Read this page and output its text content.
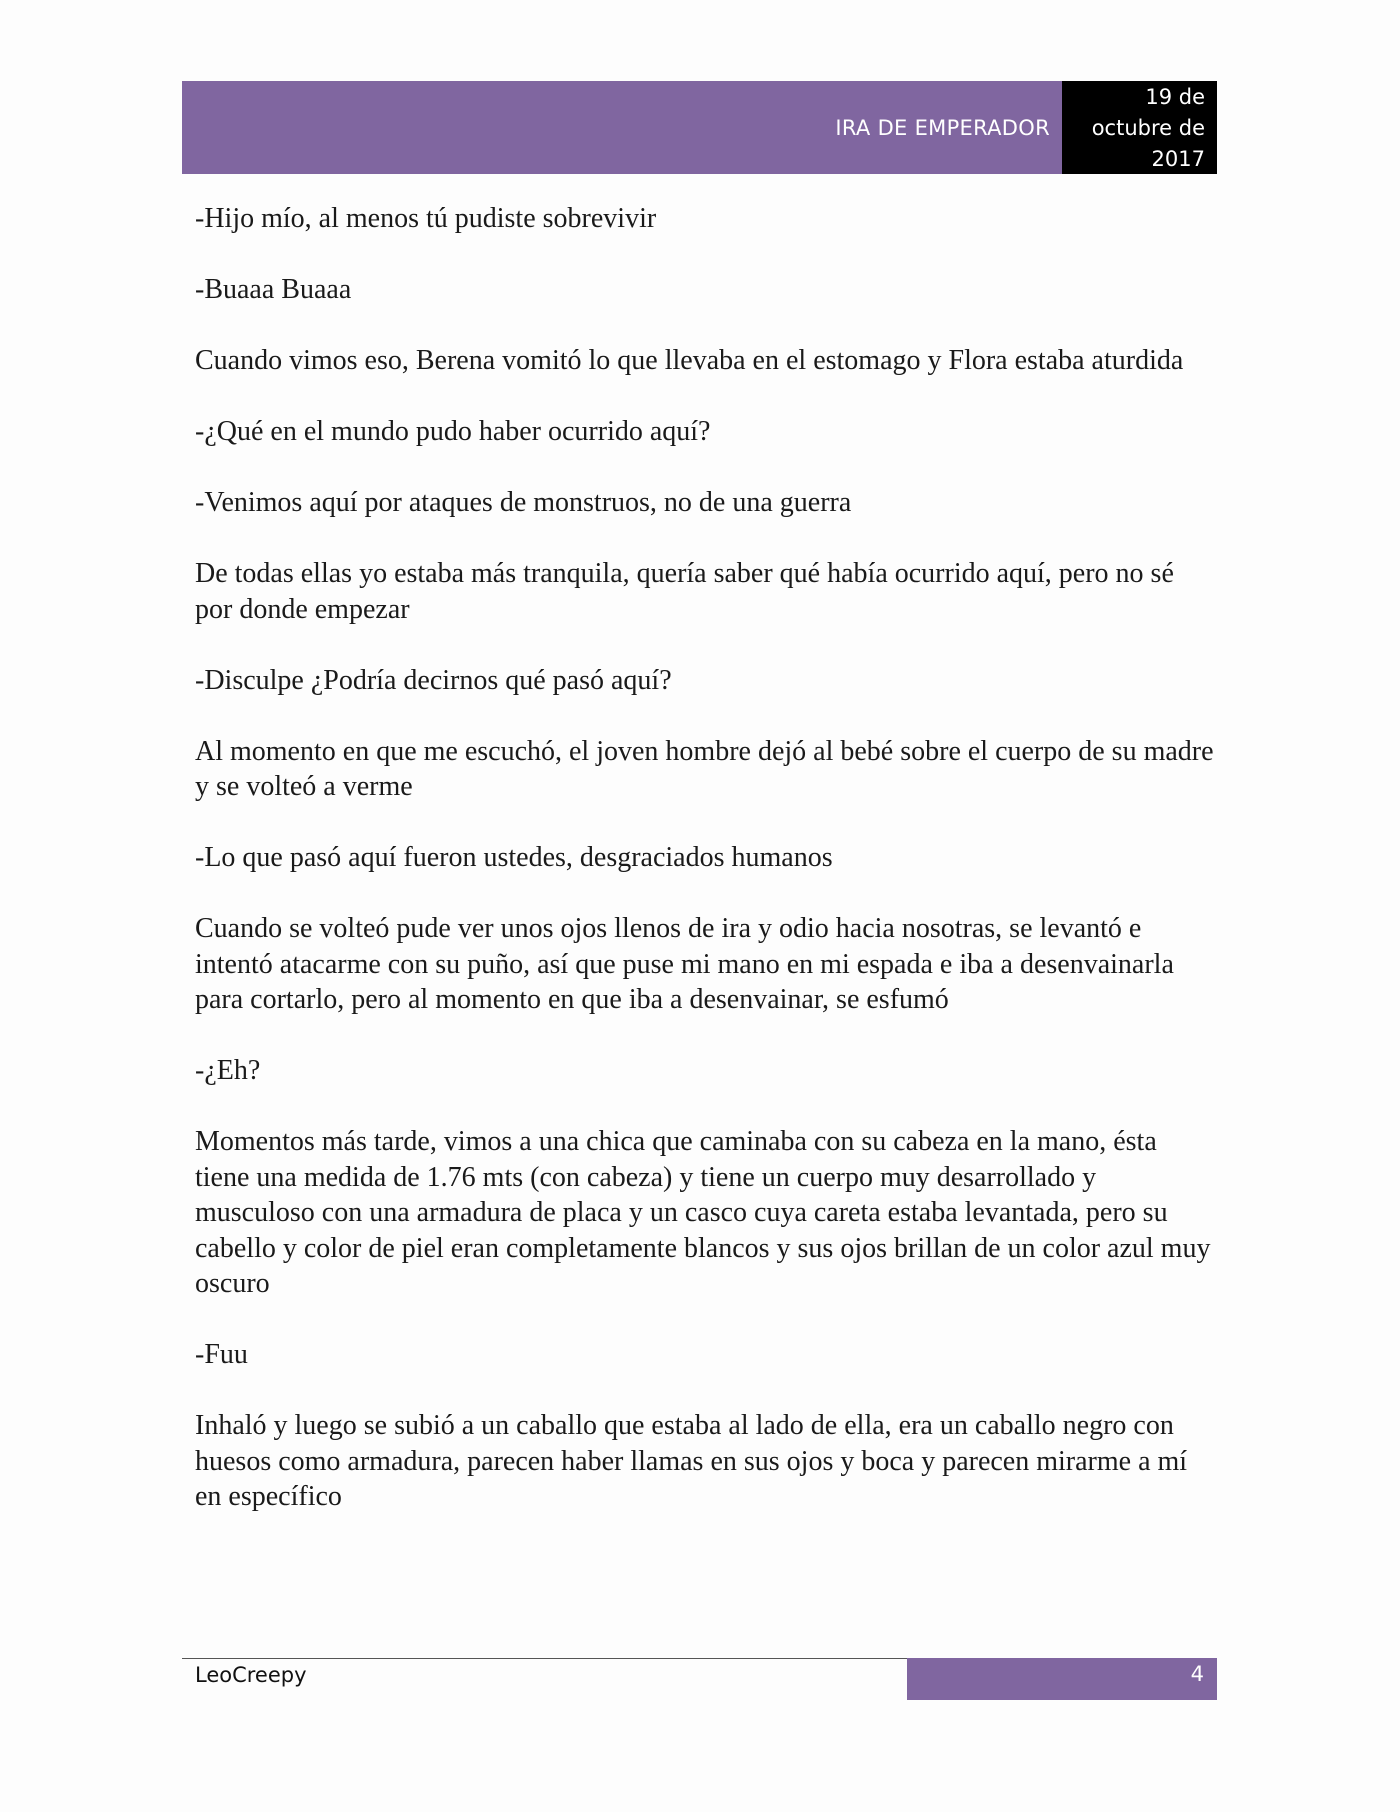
IRA DE EMPERADOR
19 de
octubre de
2017

-Hijo mío, al menos tú pudiste sobrevivir

-Buaaa Buaaa

Cuando vimos eso, Berena vomitó lo que llevaba en el estomago y Flora estaba aturdida

-¿Qué en el mundo pudo haber ocurrido aquí?

-Venimos aquí por ataques de monstruos, no de una guerra

De todas ellas yo estaba más tranquila, quería saber qué había ocurrido aquí, pero no sé por donde empezar

-Disculpe ¿Podría decirnos qué pasó aquí?

Al momento en que me escuchó, el joven hombre dejó al bebé sobre el cuerpo de su madre y se volteó a verme

-Lo que pasó aquí fueron ustedes, desgraciados humanos

Cuando se volteó pude ver unos ojos llenos de ira y odio hacia nosotras, se levantó e intentó atacarme con su puño, así que puse mi mano en mi espada e iba a desenvainarla para cortarlo, pero al momento en que iba a desenvainar, se esfumó

-¿Eh?

Momentos más tarde, vimos a una chica que caminaba con su cabeza en la mano, ésta tiene una medida de 1.76 mts (con cabeza) y tiene un cuerpo muy desarrollado y musculoso con una armadura de placa y un casco cuya careta estaba levantada, pero su cabello y color de piel eran completamente blancos y sus ojos brillan de un color azul muy oscuro

-Fuu

Inhaló y luego se subió a un caballo que estaba al lado de ella, era un caballo negro con huesos como armadura, parecen haber llamas en sus ojos y boca y parecen mirarme a mí en específico

LeoCreepy	4
